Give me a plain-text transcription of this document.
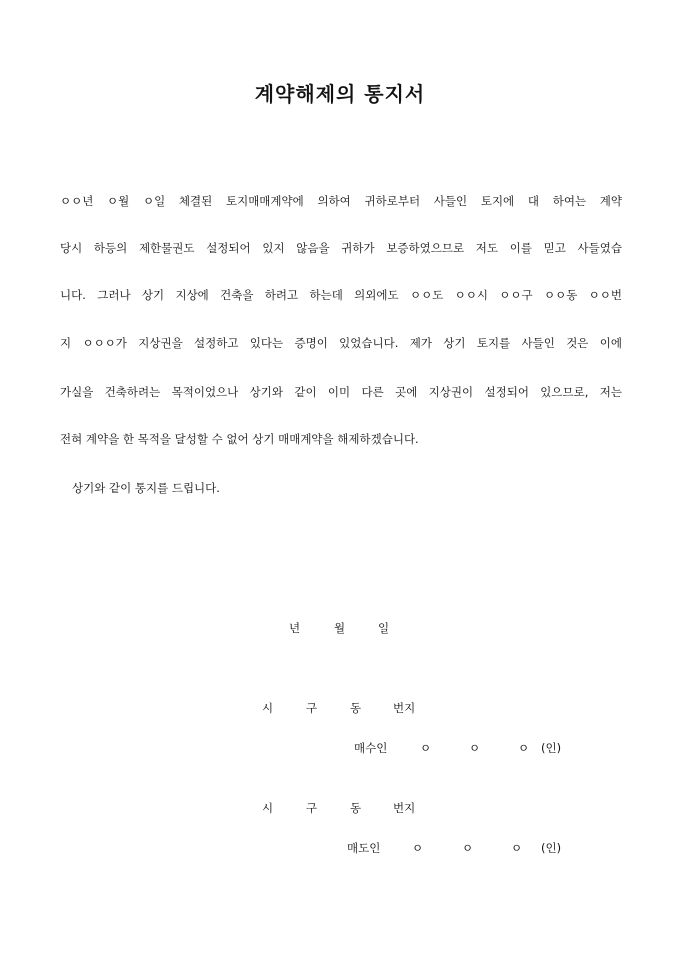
계약해제의 통지서
ㅇㅇ년 ㅇ월 ㅇ일 체결된 토지매매계약에 의하여 귀하로부터 사들인 토지에 대 하여는 계약
당시 하등의 제한물권도 설정되어 있지 않음을 귀하가 보증하였으므로 저도 이를 믿고 사들였습
니다. 그러나 상기 지상에 건축을 하려고 하는데 의외에도 ㅇㅇ도 ㅇㅇ시 ㅇㅇ구 ㅇㅇ동 ㅇㅇ번
지 ㅇㅇㅇ가 지상권을 설정하고 있다는 증명이 있었습니다. 제가 상기 토지를 사들인 것은 이에
가실을 건축하려는 목적이었으나 상기와 같이 이미 다른 곳에 지상권이 설정되어 있으므로, 저는
전혀 계약을 한 목적을 달성할 수 없어 상기 매매계약을 해제하겠습니다.
상기와 같이 통지를 드립니다.
년	월	일
시	구	동	번지
매수인	ㅇ	ㅇ	ㅇ (인)
시	구	동	번지
매도인	ㅇ	ㅇ	ㅇ (인)
